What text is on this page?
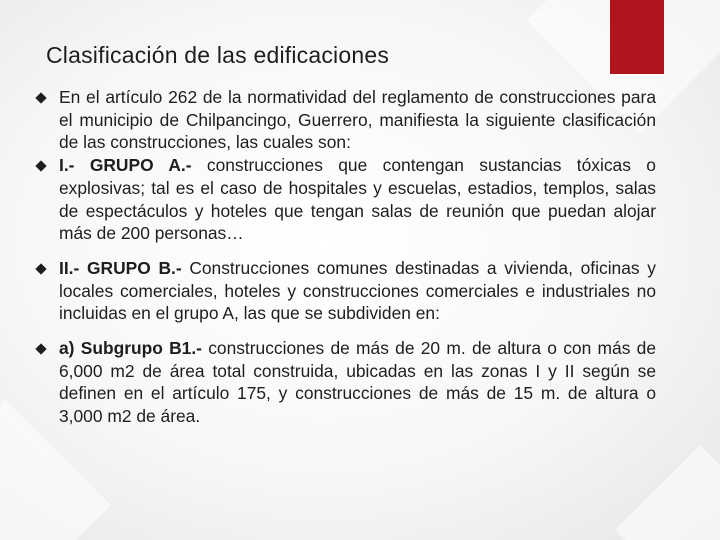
Clasificación de las edificaciones
En el artículo 262 de la normatividad del reglamento de construcciones para el municipio de Chilpancingo, Guerrero, manifiesta la siguiente clasificación de las construcciones, las cuales son:
I.- GRUPO A.- construcciones que contengan sustancias tóxicas o explosivas; tal es el caso de hospitales y escuelas, estadios, templos, salas de espectáculos y hoteles que tengan salas de reunión que puedan alojar más de 200 personas…
II.- GRUPO B.- Construcciones comunes destinadas a vivienda, oficinas y locales comerciales, hoteles y construcciones comerciales e industriales no incluidas en el grupo A, las que se subdividen en:
a) Subgrupo B1.- construcciones de más de 20 m. de altura o con más de 6,000 m2 de área total construida, ubicadas en las zonas I y II según se definen en el artículo 175, y construcciones de más de 15 m. de altura o 3,000 m2 de área.
